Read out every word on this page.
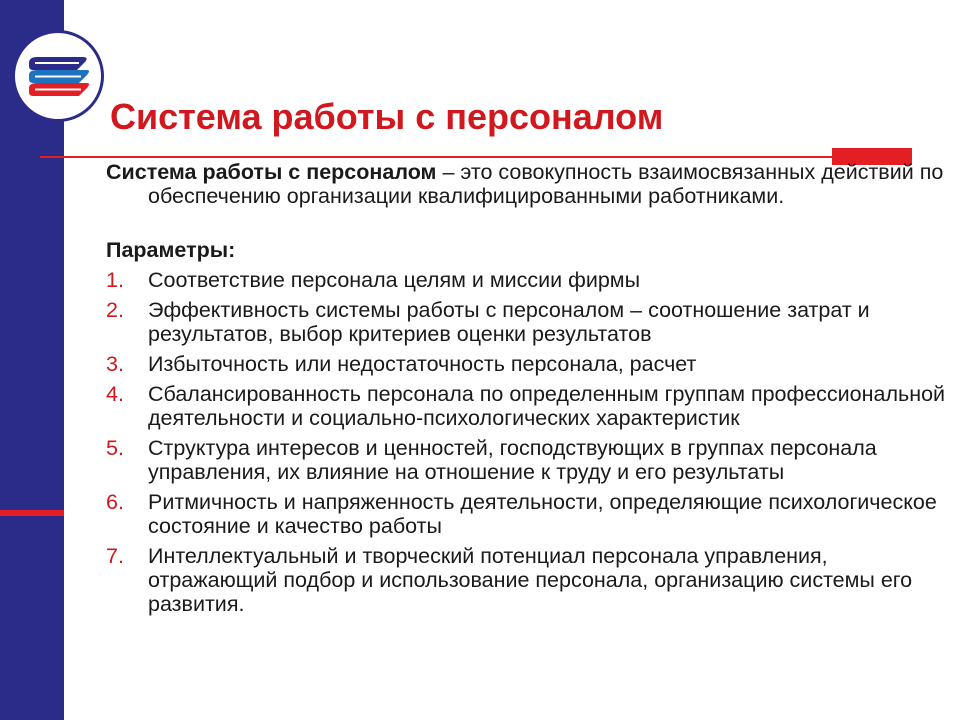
Система работы с персоналом

Система работы с персоналом – это совокупность взаимосвязанных действий по обеспечению организации квалифицированными работниками.

Параметры:

1. Соответствие персонала целям и миссии фирмы
2. Эффективность системы работы с персоналом – соотношение затрат и результатов, выбор критериев оценки результатов
3. Избыточность или недостаточность персонала, расчет
4. Сбалансированность персонала по определенным группам профессиональной деятельности и социально-психологических характеристик
5. Структура интересов и ценностей, господствующих в группах персонала управления, их влияние на отношение к труду и его результаты
6. Ритмичность и напряженность деятельности, определяющие психологическое состояние и качество работы
7. Интеллектуальный и творческий потенциал персонала управления, отражающий подбор и использование персонала, организацию системы его развития.
